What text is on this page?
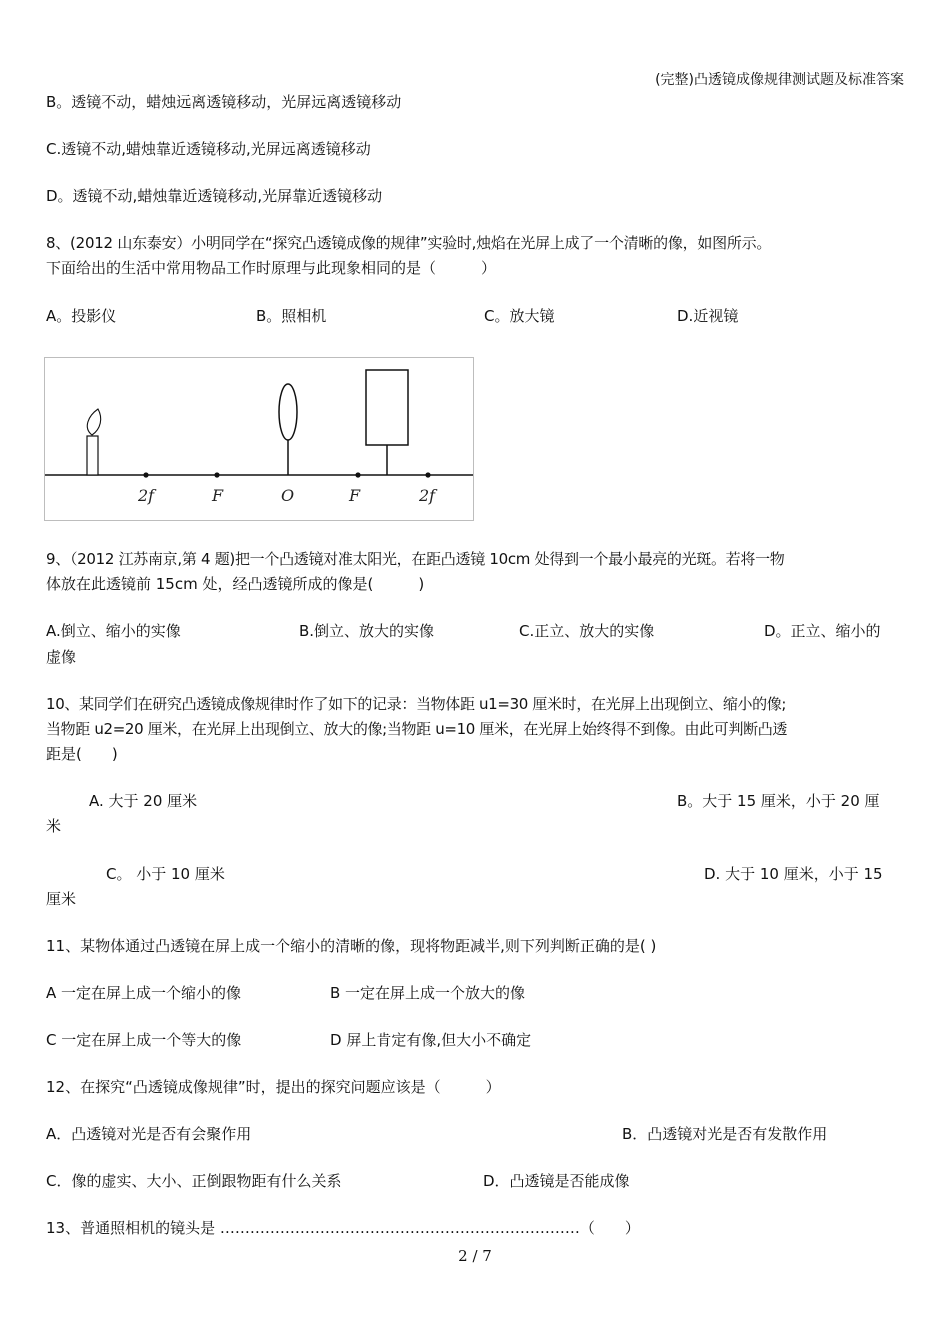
(完整)凸透镜成像规律测试题及标准答案
B。透镜不动，蜡烛远离透镜移动，光屏远离透镜移动
C.透镜不动,蜡烛靠近透镜移动,光屏远离透镜移动
D。透镜不动,蜡烛靠近透镜移动,光屏靠近透镜移动
8、(2012 山东泰安）小明同学在“探究凸透镜成像的规律”实验时,烛焰在光屏上成了一个清晰的像，如图所示。
下面给出的生活中常用物品工作时原理与此现象相同的是（　　　）
A。投影仪	B。照相机	C。放大镜	D.近视镜
2f	F	O	F	2f
9、（2012 江苏南京,第 4 题)把一个凸透镜对准太阳光，在距凸透镜 10cm 处得到一个最小最亮的光斑。若将一物
体放在此透镜前 15cm 处，经凸透镜所成的像是(　　　)
A.倒立、缩小的实像	B.倒立、放大的实像	C.正立、放大的实像	D。正立、缩小的
虚像
10、某同学们在研究凸透镜成像规律时作了如下的记录：当物体距 u1=30 厘米时，在光屏上出现倒立、缩小的像;
当物距 u2=20 厘米，在光屏上出现倒立、放大的像;当物距 u=10 厘米，在光屏上始终得不到像。由此可判断凸透
距是(　　)
A. 大于 20 厘米	B。大于 15 厘米，小于 20 厘
米
C。 小于 10 厘米	D. 大于 10 厘米，小于 15
厘米
11、某物体通过凸透镜在屏上成一个缩小的清晰的像，现将物距减半,则下列判断正确的是( )
A 一定在屏上成一个缩小的像	B 一定在屏上成一个放大的像
C 一定在屏上成一个等大的像	D 屏上肯定有像,但大小不确定
12、在探究“凸透镜成像规律”时，提出的探究问题应该是（　　　）
A．凸透镜对光是否有会聚作用	B．凸透镜对光是否有发散作用
C．像的虚实、大小、正倒跟物距有什么关系	D．凸透镜是否能成像
13、普通照相机的镜头是 ………………………………………………………………（　　）
2 / 7
